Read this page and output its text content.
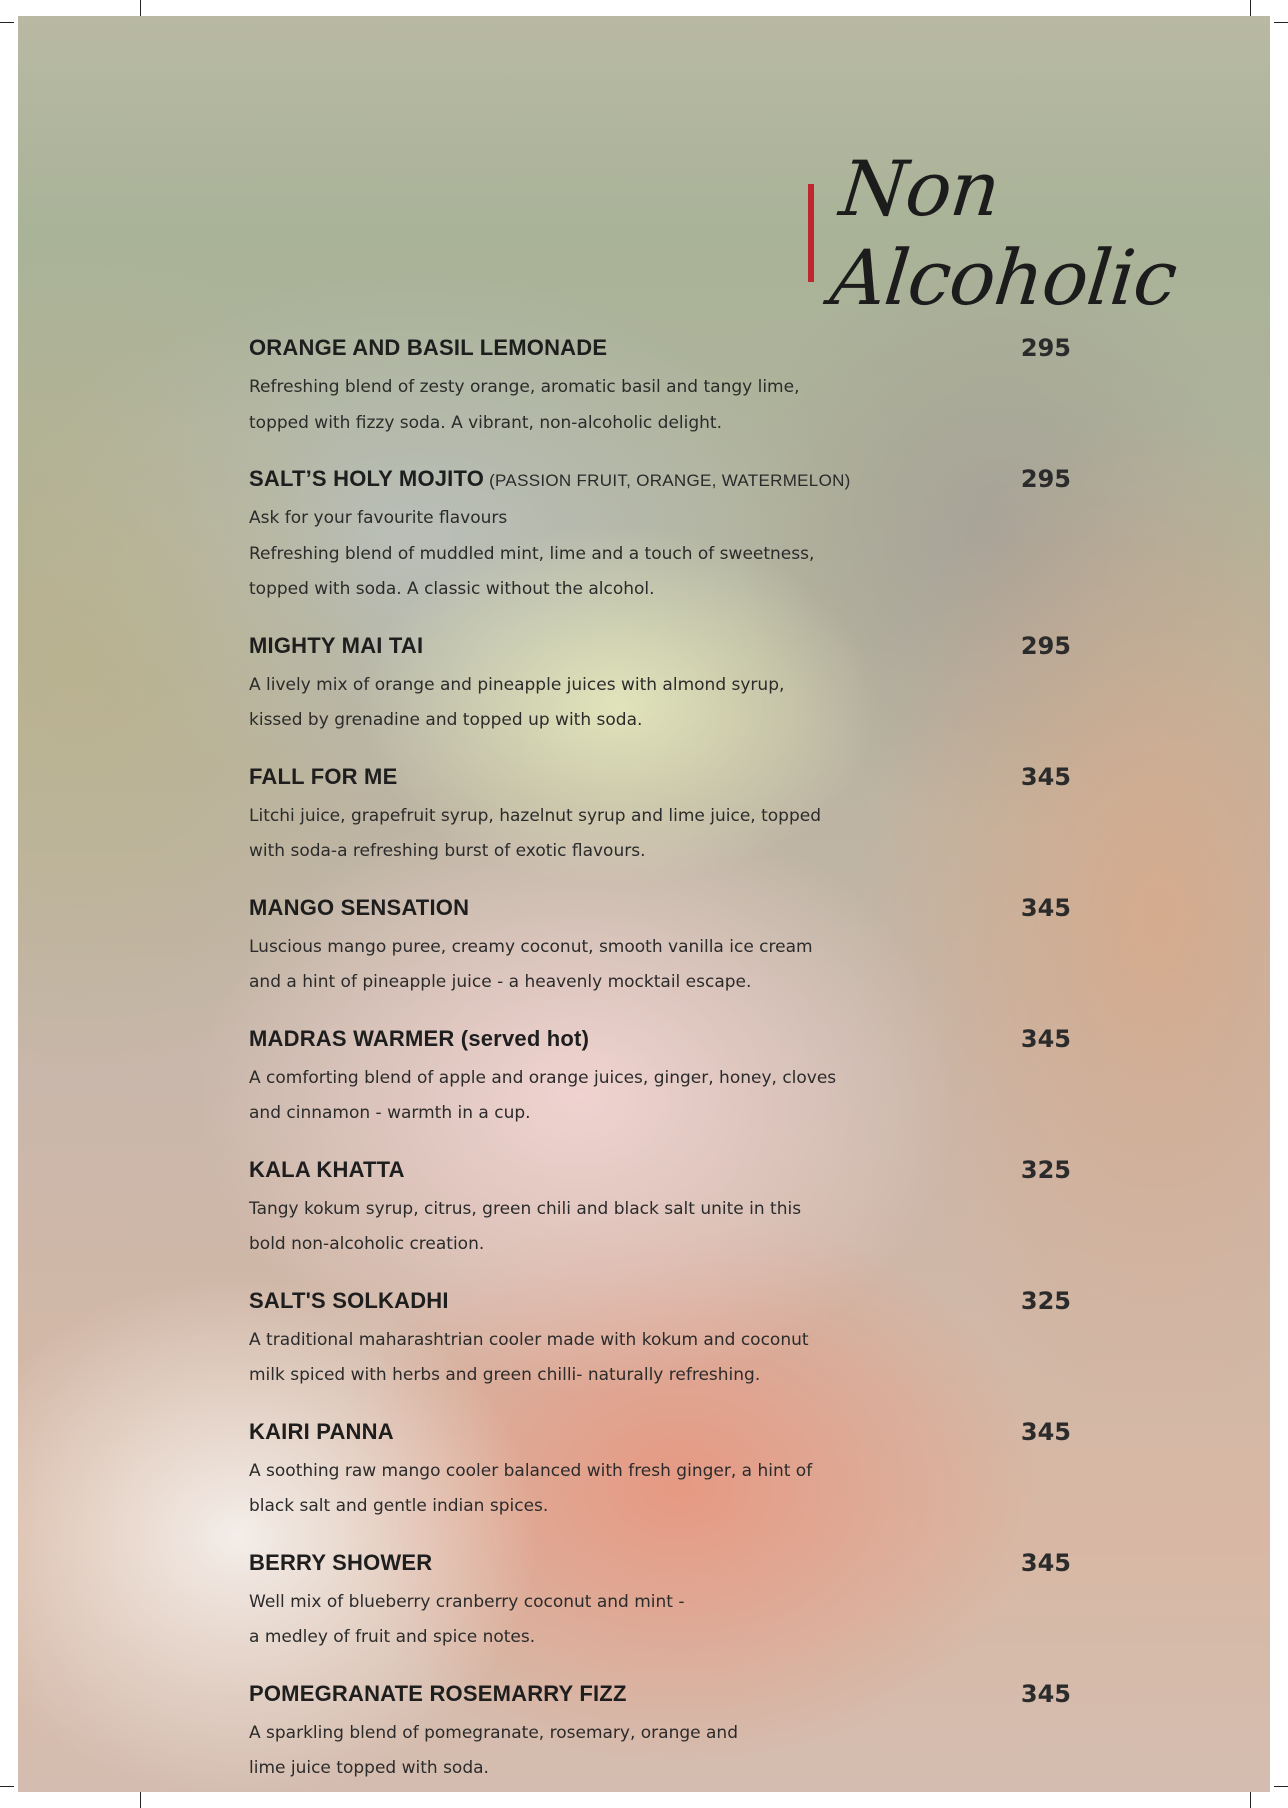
Non Alcoholic
ORANGE AND BASIL LEMONADE
Refreshing blend of zesty orange, aromatic basil and tangy lime,
topped with fizzy soda. A vibrant, non-alcoholic delight.
295
SALT’S HOLY MOJITO (PASSION FRUIT, ORANGE, WATERMELON)
Ask for your favourite flavours
Refreshing blend of muddled mint, lime and a touch of sweetness,
topped with soda. A classic without the alcohol.
295
MIGHTY MAI TAI
A lively mix of orange and pineapple juices with almond syrup,
kissed by grenadine and topped up with soda.
295
FALL FOR ME
Litchi juice, grapefruit syrup, hazelnut syrup and lime juice, topped
with soda-a refreshing burst of exotic flavours.
345
MANGO SENSATION
Luscious mango puree, creamy coconut, smooth vanilla ice cream
and a hint of pineapple juice - a heavenly mocktail escape.
345
MADRAS WARMER (served hot)
A comforting blend of apple and orange juices, ginger, honey, cloves
and cinnamon - warmth in a cup.
345
KALA KHATTA
Tangy kokum syrup, citrus, green chili and black salt unite in this
bold non-alcoholic creation.
325
SALT'S SOLKADHI
A traditional maharashtrian cooler made with kokum and coconut
milk spiced with herbs and green chilli- naturally refreshing.
325
KAIRI PANNA
A soothing raw mango cooler balanced with fresh ginger, a hint of
black salt and gentle indian spices.
345
BERRY SHOWER
Well mix of blueberry cranberry coconut and mint -
a medley of fruit and spice notes.
345
POMEGRANATE ROSEMARRY FIZZ
A sparkling blend of pomegranate, rosemary, orange and
lime juice topped with soda.
345
